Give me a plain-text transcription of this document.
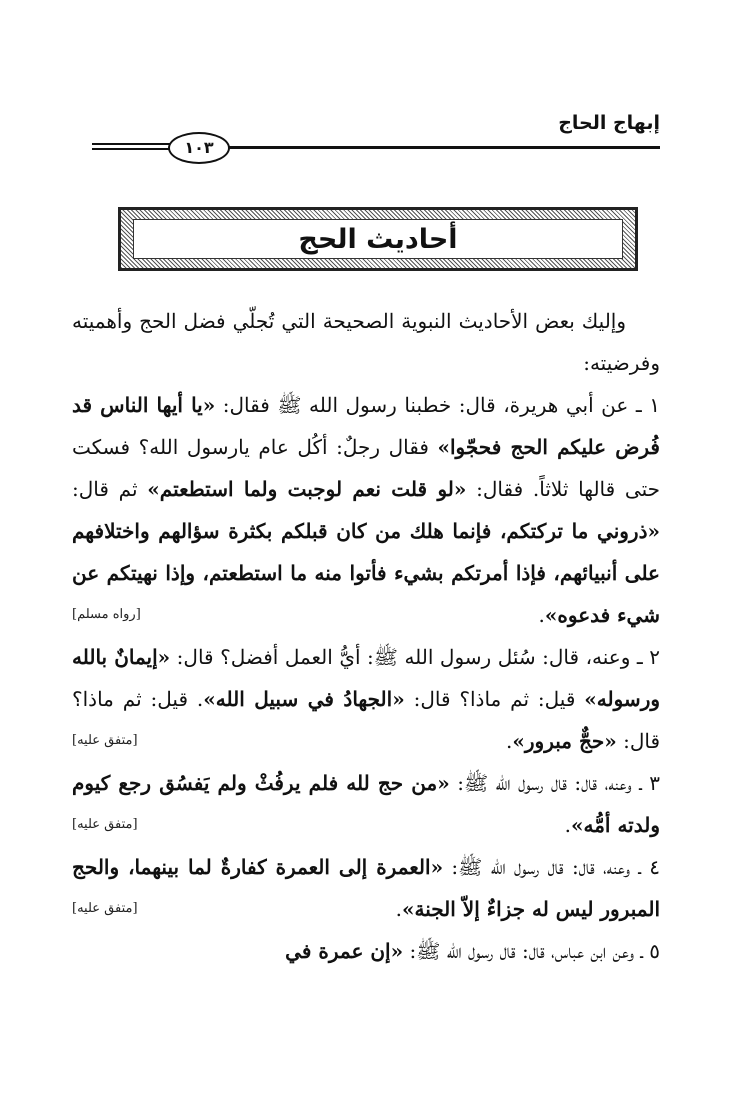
إبهاج الحاج
١٠٣
أحاديث الحج

وإليك بعض الأحاديث النبوية الصحيحة التي تُجلّي فضل الحج وأهميته وفرضيته:

١ ـ عن أبي هريرة، قال: خطبنا رسول الله ﷺ فقال: «يا أيها الناس قد فُرض عليكم الحج فحجّوا» فقال رجلٌ: أكُل عام يارسول الله؟ فسكت حتى قالها ثلاثاً. فقال: «لو قلت نعم لوجبت ولما استطعتم» ثم قال: «ذروني ما تركتكم، فإنما هلك من كان قبلكم بكثرة سؤالهم واختلافهم على أنبيائهم، فإذا أمرتكم بشيء فأتوا منه ما استطعتم، وإذا نهيتكم عن شيء فدعوه».
[رواه مسلم]

٢ ـ وعنه، قال: سُئل رسول الله ﷺ: أيُّ العمل أفضل؟ قال: «إيمانٌ بالله ورسوله» قيل: ثم ماذا؟ قال: «الجهادُ في سبيل الله». قيل: ثم ماذا؟ قال: «حجٌّ مبرور».
[متفق عليه]

٣ ـ وعنه، قال: قال رسول الله ﷺ: «من حج لله فلم يرفُثْ ولم يَفسُق رجع كيوم ولدته أمُّه».
[متفق عليه]

٤ ـ وعنه، قال: قال رسول الله ﷺ: «العمرة إلى العمرة كفارةٌ لما بينهما، والحج المبرور ليس له جزاءٌ إلاّ الجنة».
[متفق عليه]

٥ ـ وعن ابن عباس، قال: قال رسول الله ﷺ: «إن عمرة في
